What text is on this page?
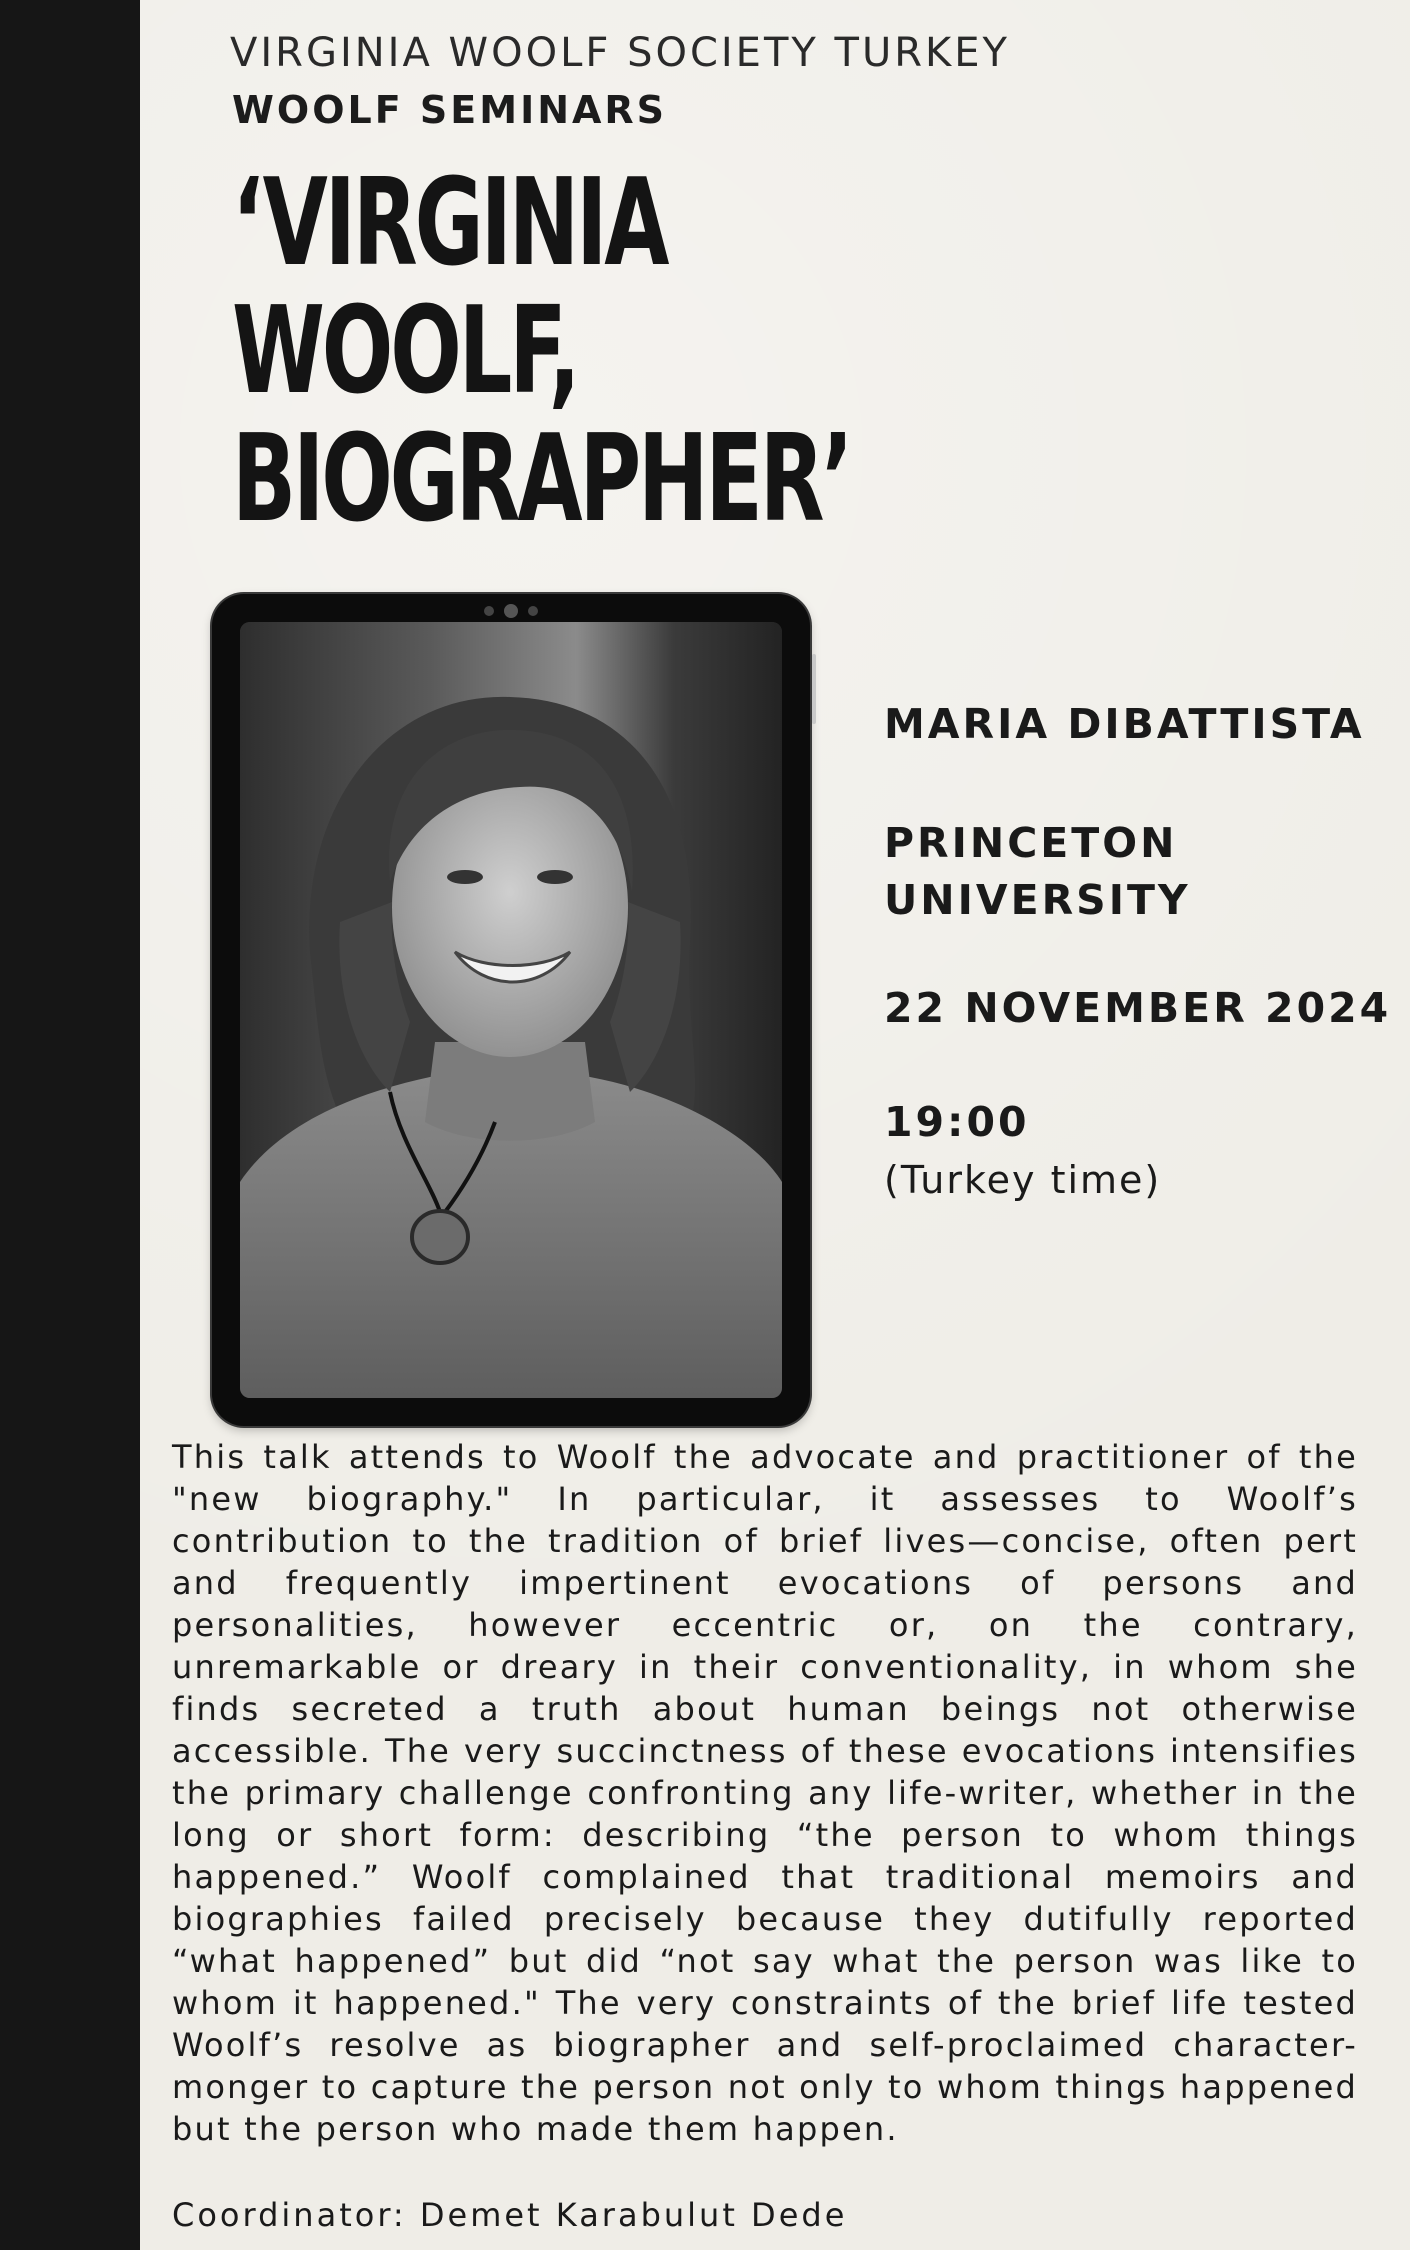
VIRGINIA WOOLF SOCIETY TURKEY
WOOLF SEMINARS
‘VIRGINIA
WOOLF,
BIOGRAPHER’
MARIA DIBATTISTA
PRINCETON
UNIVERSITY
22 NOVEMBER 2024
19:00
(Turkey time)

This talk attends to Woolf the advocate and practitioner of the "new biography." In particular, it assesses to Woolf’s contribution to the tradition of brief lives—concise, often pert and frequently impertinent evocations of persons and personalities, however eccentric or, on the contrary, unremarkable or dreary in their conventionality, in whom she finds secreted a truth about human beings not otherwise accessible. The very succinctness of these evocations intensifies the primary challenge confronting any life-writer, whether in the long or short form: describing “the person to whom things happened.” Woolf complained that traditional memoirs and biographies failed precisely because they dutifully reported “what happened” but did “not say what the person was like to whom it happened." The very constraints of the brief life tested Woolf’s resolve as biographer and self-proclaimed character-monger to capture the person not only to whom things happened but the person who made them happen.

Coordinator: Demet Karabulut Dede
